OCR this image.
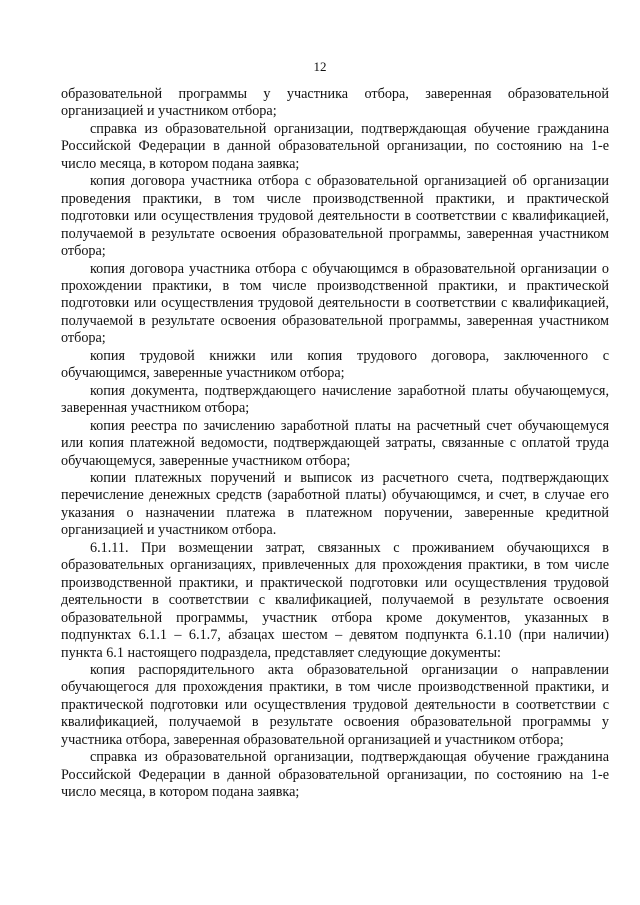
12

образовательной программы у участника отбора, заверенная образовательной организацией и участником отбора;

справка из образовательной организации, подтверждающая обучение гражданина Российской Федерации в данной образовательной организации, по состоянию на 1-е число месяца, в котором подана заявка;

копия договора участника отбора с образовательной организацией об организации проведения практики, в том числе производственной практики, и практической подготовки или осуществления трудовой деятельности в соответствии с квалификацией, получаемой в результате освоения образовательной программы, заверенная участником отбора;

копия договора участника отбора с обучающимся в образовательной организации о прохождении практики, в том числе производственной практики, и практической подготовки или осуществления трудовой деятельности в соответствии с квалификацией, получаемой в результате освоения образовательной программы, заверенная участником отбора;

копия трудовой книжки или копия трудового договора, заключенного с обучающимся, заверенные участником отбора;

копия документа, подтверждающего начисление заработной платы обучающемуся, заверенная участником отбора;

копия реестра по зачислению заработной платы на расчетный счет обучающемуся или копия платежной ведомости, подтверждающей затраты, связанные с оплатой труда обучающемуся, заверенные участником отбора;

копии платежных поручений и выписок из расчетного счета, подтверждающих перечисление денежных средств (заработной платы) обучающимся, и счет, в случае его указания о назначении платежа в платежном поручении, заверенные кредитной организацией и участником отбора.

6.1.11. При возмещении затрат, связанных с проживанием обучающихся в образовательных организациях, привлеченных для прохождения практики, в том числе производственной практики, и практической подготовки или осуществления трудовой деятельности в соответствии с квалификацией, получаемой в результате освоения образовательной программы, участник отбора кроме документов, указанных в подпунктах 6.1.1 – 6.1.7, абзацах шестом – девятом подпункта 6.1.10 (при наличии) пункта 6.1 настоящего подраздела, представляет следующие документы:

копия распорядительного акта образовательной организации о направлении обучающегося для прохождения практики, в том числе производственной практики, и практической подготовки или осуществления трудовой деятельности в соответствии с квалификацией, получаемой в результате освоения образовательной программы у участника отбора, заверенная образовательной организацией и участником отбора;

справка из образовательной организации, подтверждающая обучение гражданина Российской Федерации в данной образовательной организации, по состоянию на 1-е число месяца, в котором подана заявка;
